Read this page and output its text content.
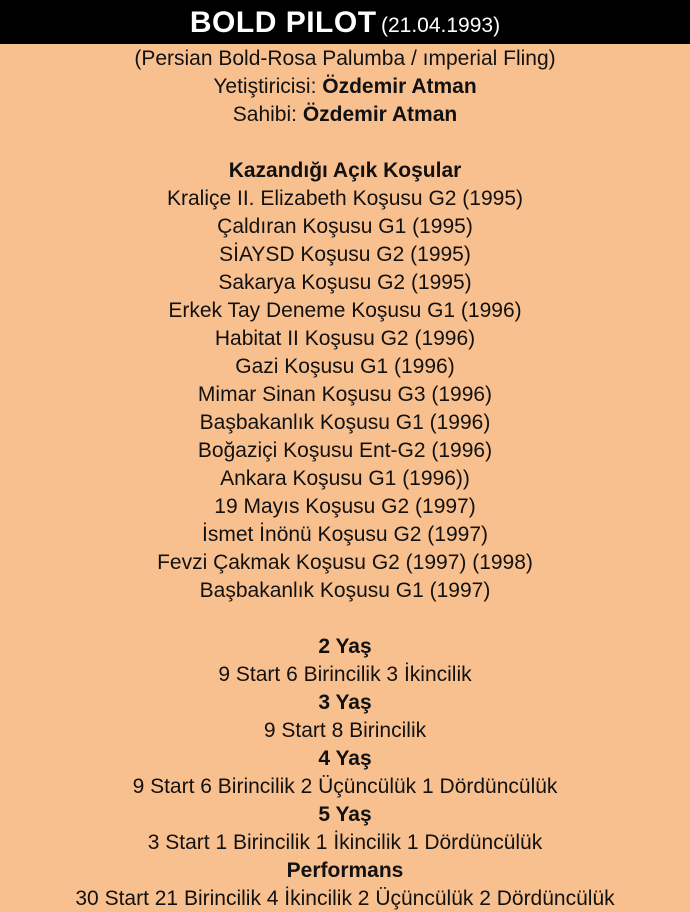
BOLD PILOT (21.04.1993)
(Persian Bold-Rosa Palumba / ımperial Fling)
Yetiştiricisi: Özdemir Atman
Sahibi: Özdemir Atman
Kazandığı Açık Koşular
Kraliçe II. Elizabeth Koşusu G2 (1995)
Çaldıran Koşusu G1 (1995)
SİAYSD Koşusu G2 (1995)
Sakarya Koşusu G2 (1995)
Erkek Tay Deneme Koşusu G1 (1996)
Habitat II Koşusu G2 (1996)
Gazi Koşusu G1 (1996)
Mimar Sinan Koşusu G3 (1996)
Başbakanlık Koşusu G1 (1996)
Boğaziçi Koşusu Ent-G2 (1996)
Ankara Koşusu G1 (1996))
19 Mayıs Koşusu G2 (1997)
İsmet İnönü Koşusu G2 (1997)
Fevzi Çakmak Koşusu G2 (1997) (1998)
Başbakanlık Koşusu G1 (1997)
2 Yaş
9 Start 6 Birincilik 3 İkincilik
3 Yaş
9 Start 8 Birincilik
4 Yaş
9 Start 6 Birincilik 2 Üçüncülük 1 Dördüncülük
5 Yaş
3 Start 1 Birincilik 1 İkincilik 1 Dördüncülük
Performans
30 Start 21 Birincilik 4 İkincilik 2 Üçüncülük 2 Dördüncülük
